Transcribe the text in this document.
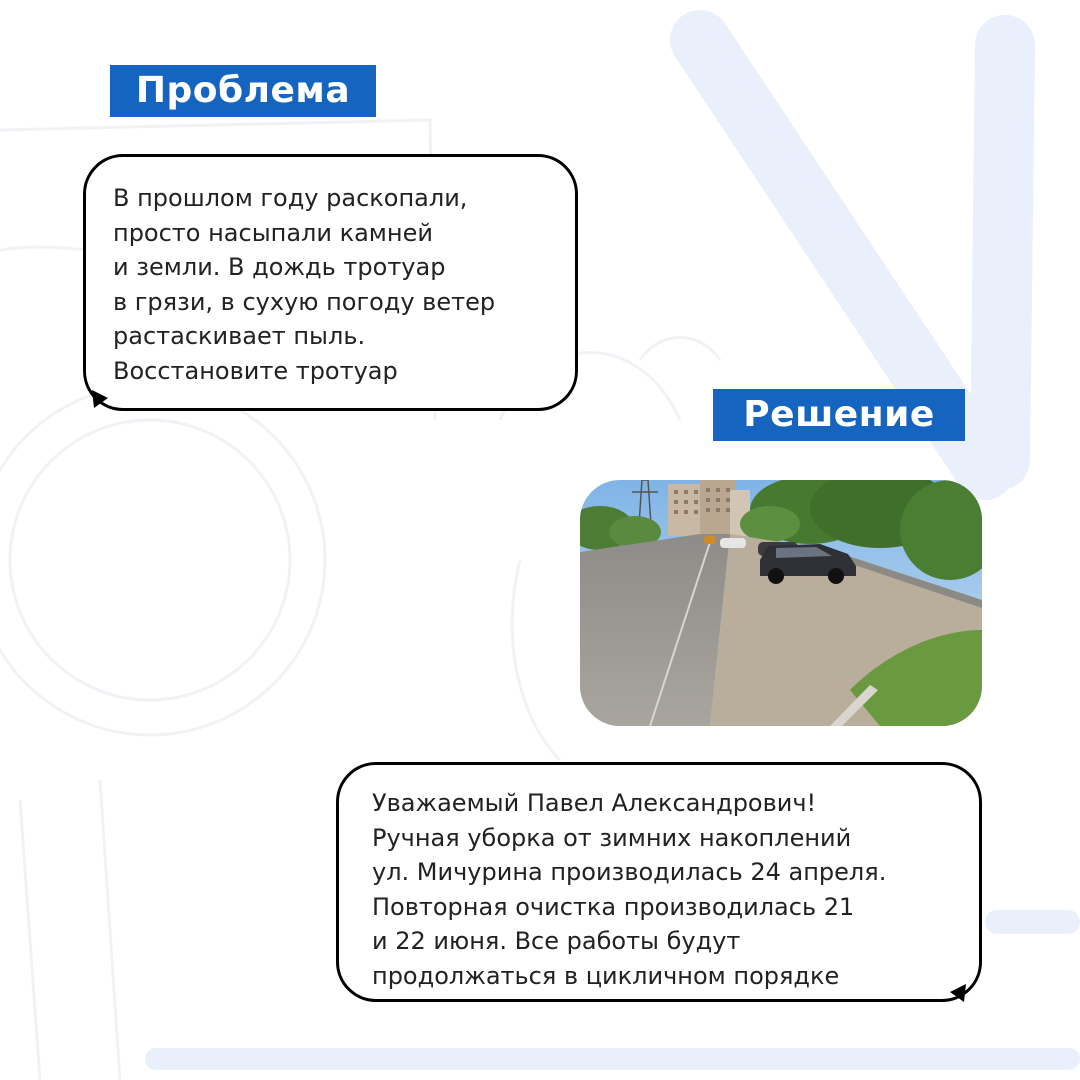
Проблема

В прошлом году раскопали,
просто насыпали камней
и земли. В дождь тротуар
в грязи, в сухую погоду ветер
растаскивает пыль.
Восстановите тротуар

Решение

Уважаемый Павел Александрович!
Ручная уборка от зимних накоплений
ул. Мичурина производилась 24 апреля.
Повторная очистка производилась 21
и 22 июня. Все работы будут
продолжаться в цикличном порядке
